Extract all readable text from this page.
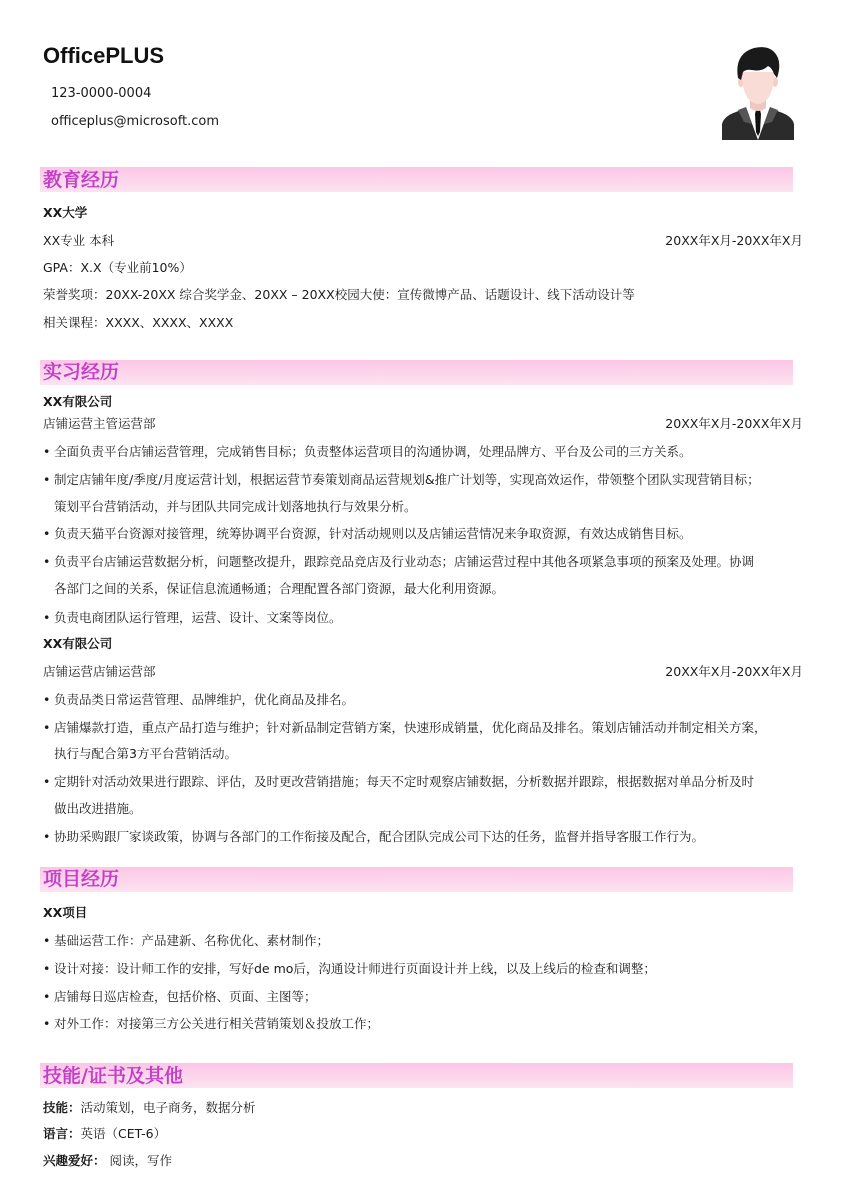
OfficePLUS
123-0000-0004
officeplus@microsoft.com
教育经历
XX大学
XX专业 本科	20XX年X月-20XX年X月
GPA：X.X（专业前10%）
荣誉奖项：20XX-20XX 综合奖学金、20XX – 20XX校园大使：宣传微博产品、话题设计、线下活动设计等
相关课程：XXXX、XXXX、XXXX
实习经历
XX有限公司
店铺运营主管运营部	20XX年X月-20XX年X月
• 全面负责平台店铺运营管理，完成销售目标；负责整体运营项目的沟通协调，处理品牌方、平台及公司的三方关系。
• 制定店铺年度/季度/月度运营计划，根据运营节奏策划商品运营规划&推广计划等，实现高效运作，带领整个团队实现营销目标；
策划平台营销活动，并与团队共同完成计划落地执行与效果分析。
• 负责天猫平台资源对接管理，统筹协调平台资源，针对活动规则以及店铺运营情况来争取资源，有效达成销售目标。
• 负责平台店铺运营数据分析，问题整改提升，跟踪竞品竞店及行业动态；店铺运营过程中其他各项紧急事项的预案及处理。协调
各部门之间的关系，保证信息流通畅通；合理配置各部门资源，最大化利用资源。
• 负责电商团队运行管理，运营、设计、文案等岗位。
XX有限公司
店铺运营店铺运营部	20XX年X月-20XX年X月
• 负责品类日常运营管理、品牌维护，优化商品及排名。
• 店铺爆款打造，重点产品打造与维护；针对新品制定营销方案，快速形成销量，优化商品及排名。策划店铺活动并制定相关方案，
执行与配合第3方平台营销活动。
• 定期针对活动效果进行跟踪、评估，及时更改营销措施；每天不定时观察店铺数据，分析数据并跟踪，根据数据对单品分析及时
做出改进措施。
• 协助采购跟厂家谈政策，协调与各部门的工作衔接及配合，配合团队完成公司下达的任务，监督并指导客服工作行为。
项目经历
XX项目
• 基础运营工作：产品建新、名称优化、素材制作；
• 设计对接：设计师工作的安排，写好de mo后，沟通设计师进行页面设计并上线，以及上线后的检查和调整；
• 店铺每日巡店检查，包括价格、页面、主图等；
• 对外工作：对接第三方公关进行相关营销策划＆投放工作；
技能/证书及其他
技能：活动策划，电子商务，数据分析
语言：英语（CET-6）
兴趣爱好： 阅读，写作
